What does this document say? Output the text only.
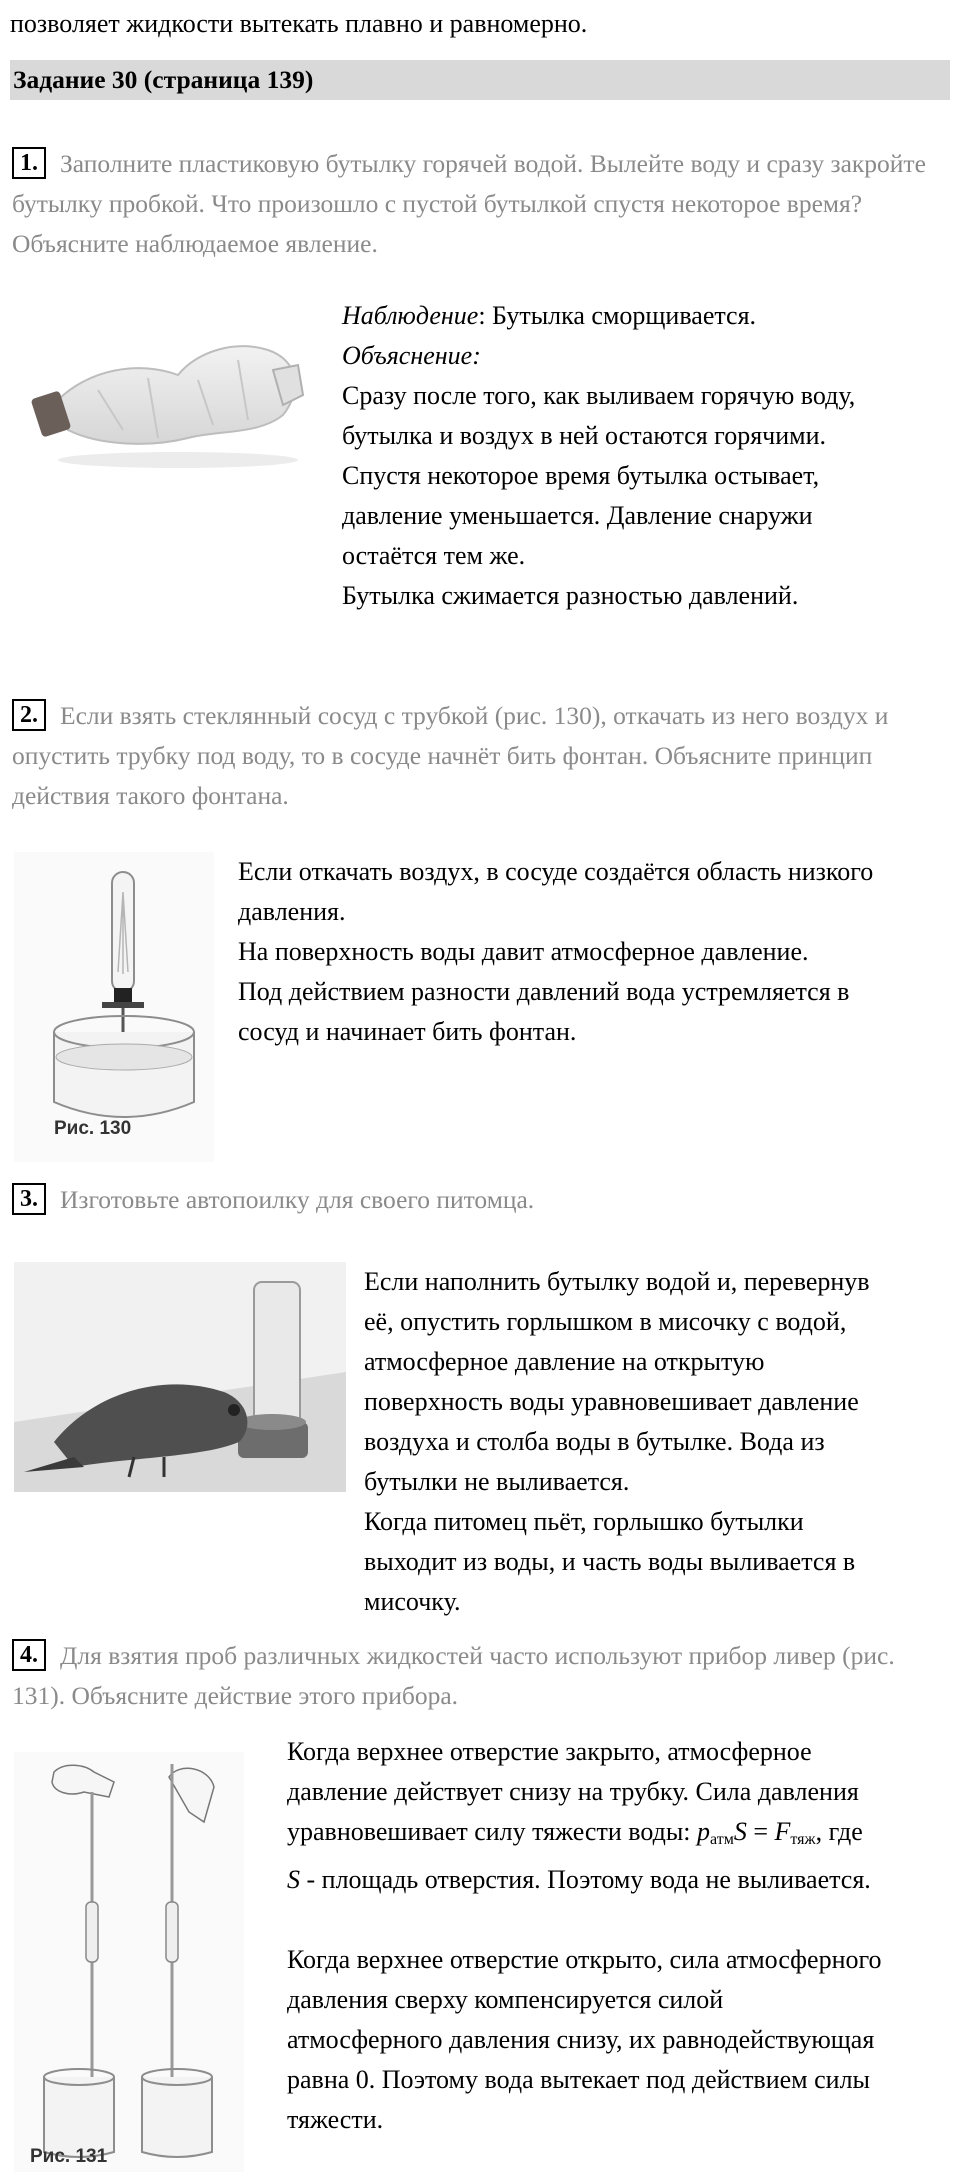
позволяет жидкости вытекать плавно и равномерно.
Задание 30 (страница 139)
1. Заполните пластиковую бутылку горячей водой. Вылейте воду и сразу закройте бутылку пробкой. Что произошло с пустой бутылкой спустя некоторое время? Объясните наблюдаемое явление.

Наблюдение: Бутылка сморщивается.

Объяснение:

Сразу после того, как выливаем горячую воду,

бутылка и воздух в ней остаются горячими.

Спустя некоторое время бутылка остывает,

давление уменьшается. Давление снаружи

остаётся тем же.

Бутылка сжимается разностью давлений.

2. Если взять стеклянный сосуд с трубкой (рис. 130), откачать из него воздух и опустить трубку под воду, то в сосуде начнёт бить фонтан. Объясните принцип действия такого фонтана.
Рис. 130

Если откачать воздух, в сосуде создаётся область низкого

давления.

На поверхность воды давит атмосферное давление.

Под действием разности давлений вода устремляется в

сосуд и начинает бить фонтан.

3. Изготовьте автопоилку для своего питомца.

Если наполнить бутылку водой и, перевернув

её, опустить горлышком в мисочку с водой,

атмосферное давление на открытую

поверхность воды уравновешивает давление

воздуха и столба воды в бутылке. Вода из

бутылки не выливается.

Когда питомец пьёт, горлышко бутылки

выходит из воды, и часть воды выливается в

мисочку.

4. Для взятия проб различных жидкостей часто используют прибор ливер (рис. 131). Объясните действие этого прибора.
Рис. 131

Когда верхнее отверстие закрыто, атмосферное

давление действует снизу на трубку. Сила давления

уравновешивает силу тяжести воды: $p_{атм}S = F_{тяж}$, где

S - площадь отверстия. Поэтому вода не выливается.

Когда верхнее отверстие открыто, сила атмосферного

давления сверху компенсируется силой

атмосферного давления снизу, их равнодействующая

равна 0. Поэтому вода вытекает под действием силы

тяжести.
